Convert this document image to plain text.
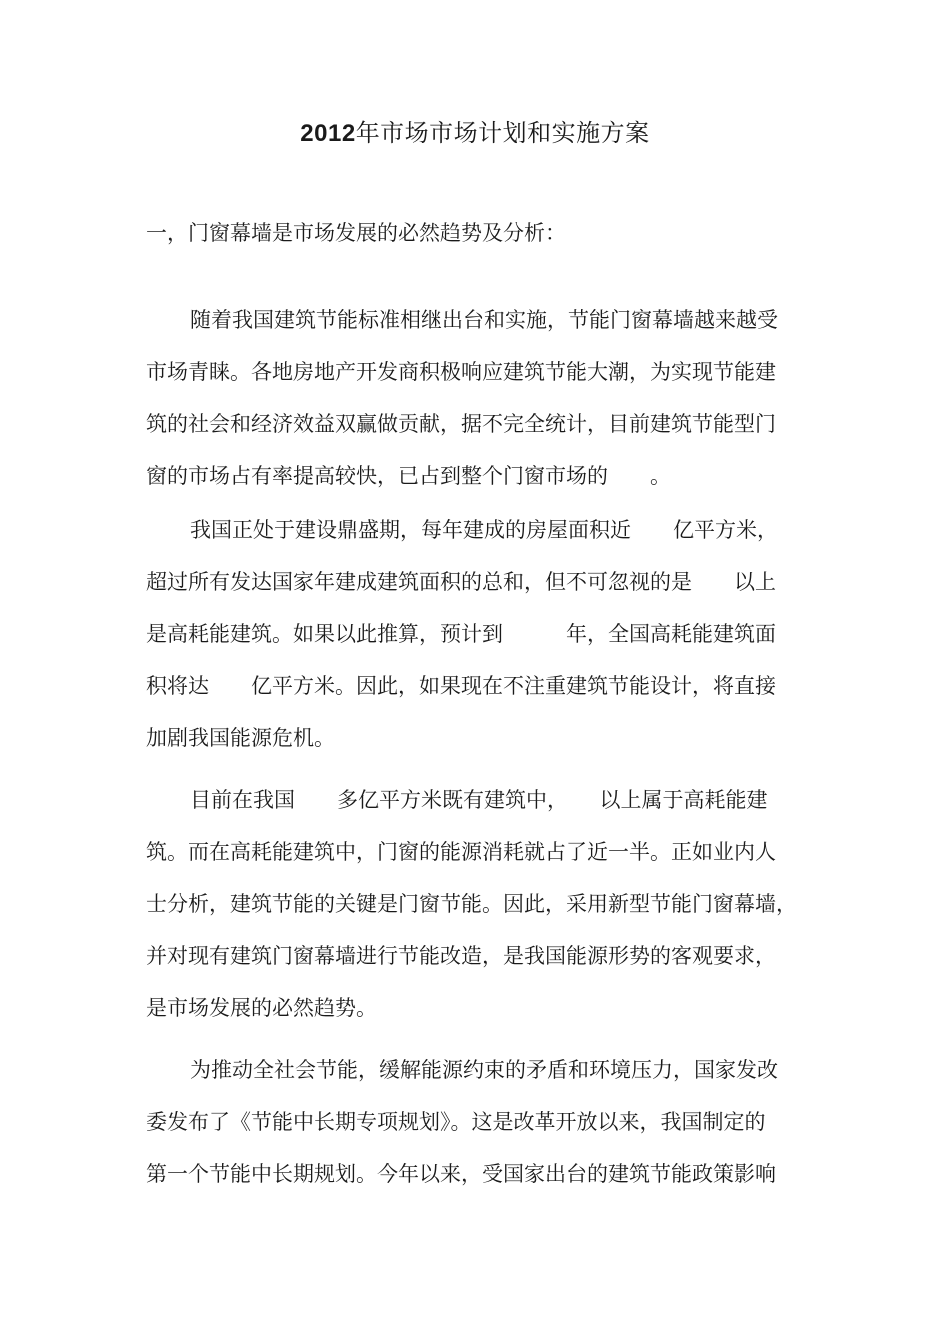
2012年市场市场计划和实施方案
一，门窗幕墙是市场发展的必然趋势及分析：
随着我国建筑节能标准相继出台和实施，节能门窗幕墙越来越受
市场青睐。各地房地产开发商积极响应建筑节能大潮，为实现节能建
筑的社会和经济效益双赢做贡献，据不完全统计，目前建筑节能型门
窗的市场占有率提高较快，已占到整个门窗市场的　　。
我国正处于建设鼎盛期，每年建成的房屋面积近　　亿平方米，
超过所有发达国家年建成建筑面积的总和，但不可忽视的是　　以上
是高耗能建筑。如果以此推算，预计到　　　年，全国高耗能建筑面
积将达　　亿平方米。因此，如果现在不注重建筑节能设计，将直接
加剧我国能源危机。
目前在我国　　多亿平方米既有建筑中，　　以上属于高耗能建
筑。而在高耗能建筑中，门窗的能源消耗就占了近一半。正如业内人
士分析，建筑节能的关键是门窗节能。因此，采用新型节能门窗幕墙，
并对现有建筑门窗幕墙进行节能改造，是我国能源形势的客观要求，
是市场发展的必然趋势。
为推动全社会节能，缓解能源约束的矛盾和环境压力，国家发改
委发布了《节能中长期专项规划》。这是改革开放以来，我国制定的
第一个节能中长期规划。今年以来，受国家出台的建筑节能政策影响
